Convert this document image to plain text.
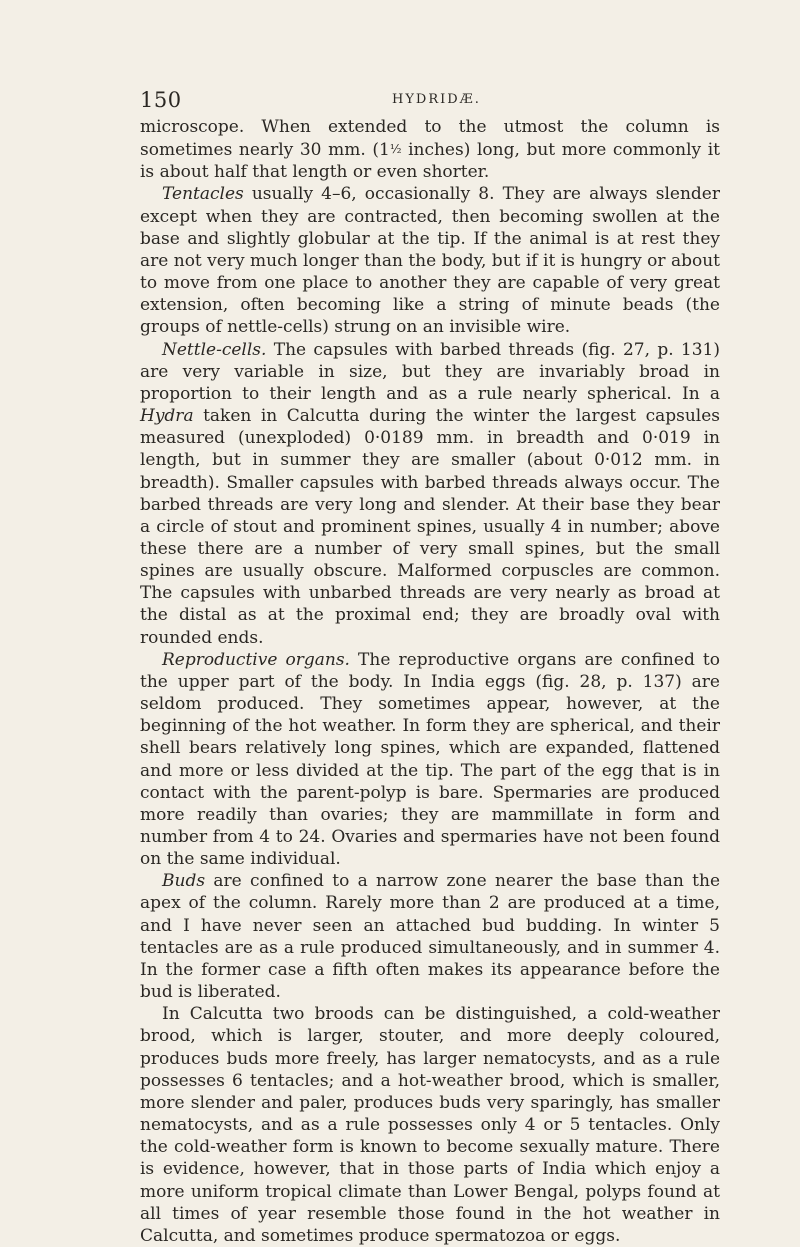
150	HYDRIDÆ.

microscope. When extended to the utmost the column is sometimes nearly 30 mm. (1½ inches) long, but more commonly it is about half that length or even shorter.

Tentacles usually 4–6, occasionally 8. They are always slender except when they are contracted, then becoming swollen at the base and slightly globular at the tip. If the animal is at rest they are not very much longer than the body, but if it is hungry or about to move from one place to another they are capable of very great extension, often becoming like a string of minute beads (the groups of nettle-cells) strung on an invisible wire.

Nettle-cells. The capsules with barbed threads (fig. 27, p. 131) are very variable in size, but they are invariably broad in proportion to their length and as a rule nearly spherical. In a Hydra taken in Calcutta during the winter the largest capsules measured (unexploded) 0·0189 mm. in breadth and 0·019 in length, but in summer they are smaller (about 0·012 mm. in breadth). Smaller capsules with barbed threads always occur. The barbed threads are very long and slender. At their base they bear a circle of stout and prominent spines, usually 4 in number; above these there are a number of very small spines, but the small spines are usually obscure. Malformed corpuscles are common. The capsules with unbarbed threads are very nearly as broad at the distal as at the proximal end; they are broadly oval with rounded ends.

Reproductive organs. The reproductive organs are confined to the upper part of the body. In India eggs (fig. 28, p. 137) are seldom produced. They sometimes appear, however, at the beginning of the hot weather. In form they are spherical, and their shell bears relatively long spines, which are expanded, flattened and more or less divided at the tip. The part of the egg that is in contact with the parent-polyp is bare. Spermaries are produced more readily than ovaries; they are mammillate in form and number from 4 to 24. Ovaries and spermaries have not been found on the same individual.

Buds are confined to a narrow zone nearer the base than the apex of the column. Rarely more than 2 are produced at a time, and I have never seen an attached bud budding. In winter 5 tentacles are as a rule produced simultaneously, and in summer 4. In the former case a fifth often makes its appearance before the bud is liberated.

In Calcutta two broods can be distinguished, a cold-weather brood, which is larger, stouter, and more deeply coloured, produces buds more freely, has larger nematocysts, and as a rule possesses 6 tentacles; and a hot-weather brood, which is smaller, more slender and paler, produces buds very sparingly, has smaller nematocysts, and as a rule possesses only 4 or 5 tentacles. Only the cold-weather form is known to become sexually mature. There is evidence, however, that in those parts of India which enjoy a more uniform tropical climate than Lower Bengal, polyps found at all times of year resemble those found in the hot weather in Calcutta, and sometimes produce spermatozoa or eggs.
